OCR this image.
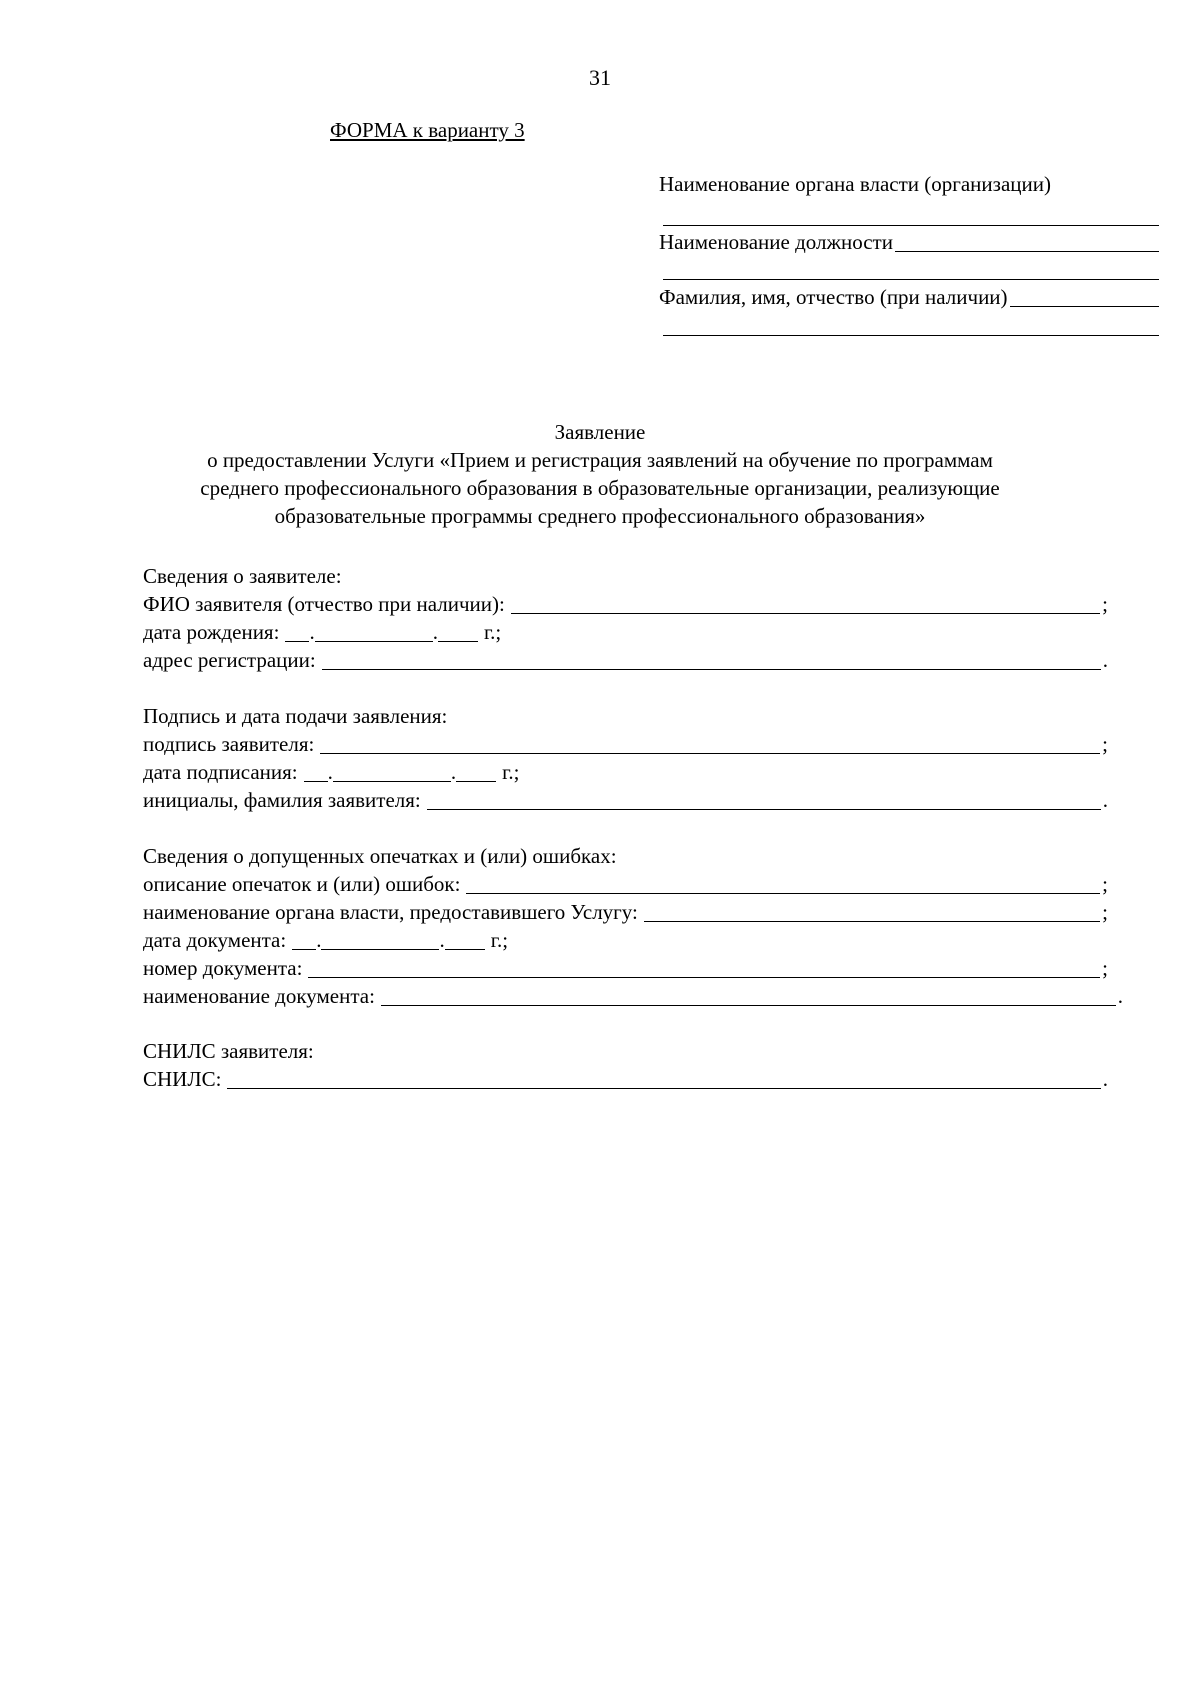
31
ФОРМА к варианту 3
Наименование органа власти (организации)
Наименование должности
Фамилия, имя, отчество (при наличии)
Заявление
о предоставлении Услуги «Прием и регистрация заявлений на обучение по программам
среднего профессионального образования в образовательные организации, реализующие
образовательные программы среднего профессионального образования»
Сведения о заявителе:
ФИО заявителя (отчество при наличии):	;
дата рождения: .	. г.;
адрес регистрации:	.
Подпись и дата подачи заявления:
подпись заявителя:	;
дата подписания: .	. г.;
инициалы, фамилия заявителя:	.
Сведения о допущенных опечатках и (или) ошибках:
описание опечаток и (или) ошибок:	;
наименование органа власти, предоставившего Услугу:	;
дата документа: .	. г.;
номер документа:	;
наименование документа:	.
СНИЛС заявителя:
СНИЛС:	.
